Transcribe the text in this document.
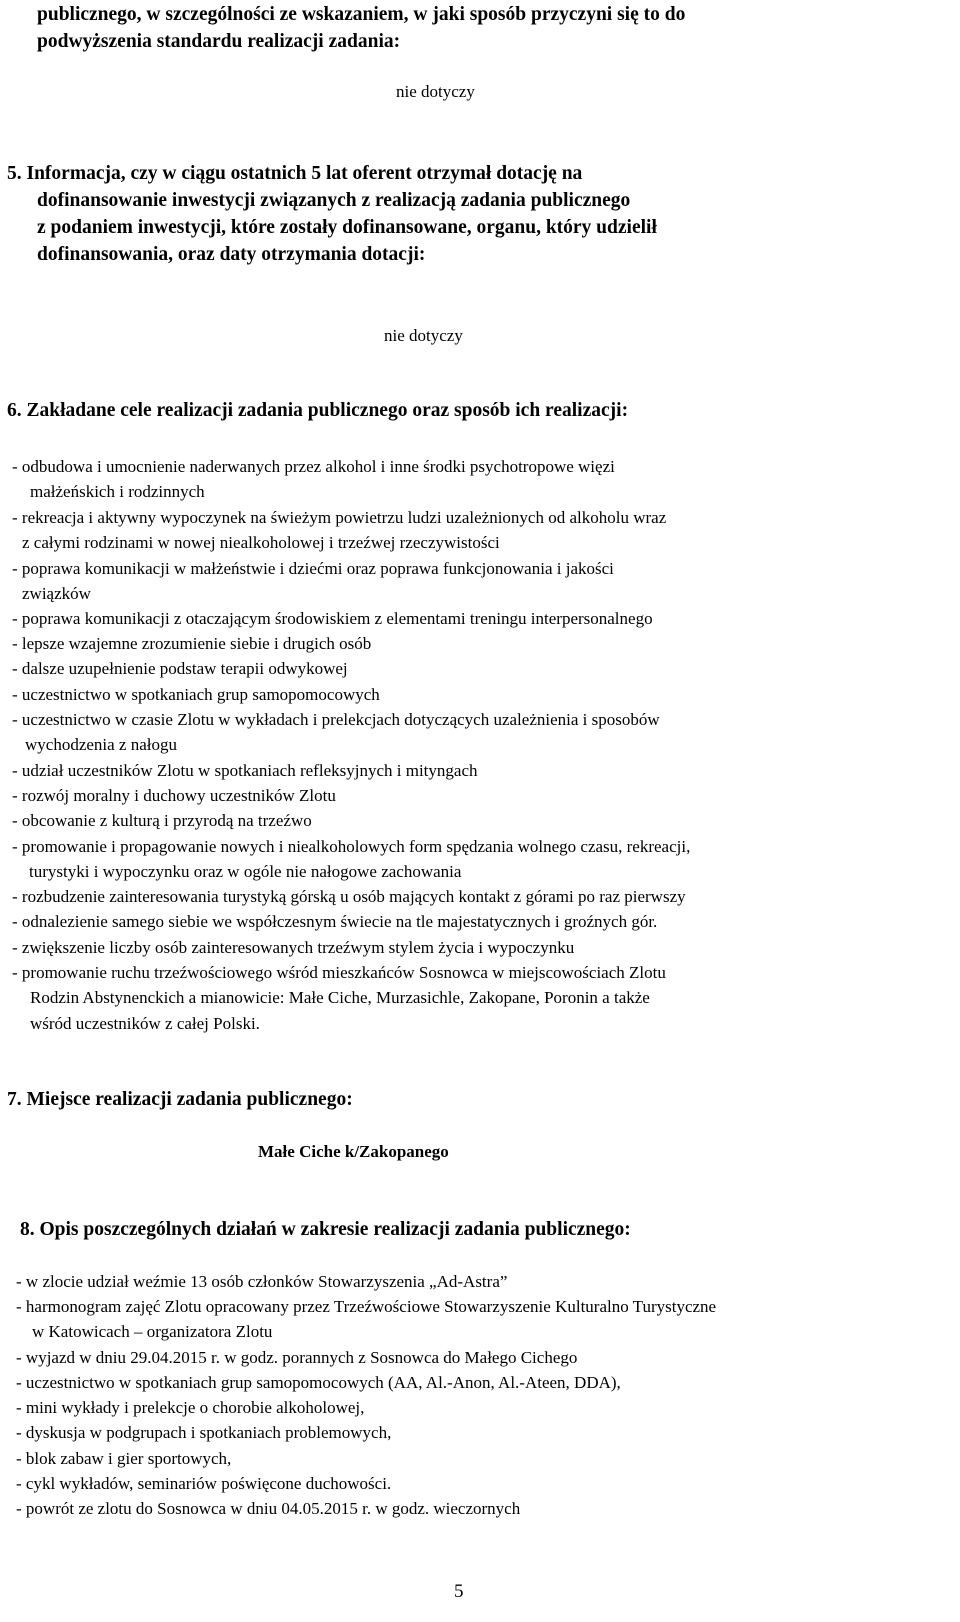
publicznego, w szczególności ze wskazaniem, w jaki sposób przyczyni się to do
podwyższenia standardu realizacji zadania:
nie dotyczy
5. Informacja, czy w ciągu ostatnich 5 lat oferent otrzymał dotację na
dofinansowanie inwestycji związanych z realizacją zadania publicznego
z podaniem inwestycji, które zostały dofinansowane, organu, który udzielił
dofinansowania, oraz daty otrzymania dotacji:
nie dotyczy
6. Zakładane cele realizacji zadania publicznego oraz sposób ich realizacji:
- odbudowa i umocnienie naderwanych przez alkohol i inne środki psychotropowe więzi
małżeńskich i rodzinnych
- rekreacja i aktywny wypoczynek na świeżym powietrzu ludzi uzależnionych od alkoholu wraz
z całymi rodzinami w nowej niealkoholowej i trzeźwej rzeczywistości
- poprawa komunikacji w małżeństwie i dziećmi oraz poprawa funkcjonowania i jakości
związków
- poprawa komunikacji z otaczającym środowiskiem z elementami treningu interpersonalnego
- lepsze wzajemne zrozumienie siebie i drugich osób
- dalsze uzupełnienie podstaw terapii odwykowej
- uczestnictwo w spotkaniach grup samopomocowych
- uczestnictwo w czasie Zlotu w wykładach i prelekcjach dotyczących uzależnienia i sposobów
wychodzenia z nałogu
- udział uczestników Zlotu w spotkaniach refleksyjnych i mityngach
- rozwój moralny i duchowy uczestników Zlotu
- obcowanie z kulturą i przyrodą na trzeźwo
- promowanie i propagowanie nowych i niealkoholowych form spędzania wolnego czasu, rekreacji,
turystyki i wypoczynku oraz w ogóle nie nałogowe zachowania
- rozbudzenie zainteresowania turystyką górską u osób mających kontakt z górami po raz pierwszy
- odnalezienie samego siebie we współczesnym świecie na tle majestatycznych i groźnych gór.
- zwiększenie liczby osób zainteresowanych trzeźwym stylem życia i wypoczynku
- promowanie ruchu trzeźwościowego wśród mieszkańców Sosnowca w miejscowościach Zlotu
Rodzin Abstynenckich a mianowicie: Małe Ciche, Murzasichle, Zakopane, Poronin a także
wśród uczestników z całej Polski.
7. Miejsce realizacji zadania publicznego:
Małe Ciche k/Zakopanego
8. Opis poszczególnych działań w zakresie realizacji zadania publicznego:
- w zlocie udział weźmie 13 osób członków Stowarzyszenia „Ad-Astra”
- harmonogram zajęć Zlotu opracowany przez Trzeźwościowe Stowarzyszenie Kulturalno Turystyczne
w Katowicach – organizatora Zlotu
- wyjazd w dniu 29.04.2015 r. w godz. porannych z Sosnowca do Małego Cichego
- uczestnictwo w spotkaniach grup samopomocowych (AA, Al.-Anon, Al.-Ateen, DDA),
- mini wykłady i prelekcje o chorobie alkoholowej,
- dyskusja w podgrupach i spotkaniach problemowych,
- blok zabaw i gier sportowych,
- cykl wykładów, seminariów poświęcone duchowości.
- powrót ze zlotu do Sosnowca w dniu 04.05.2015 r. w godz. wieczornych
5
